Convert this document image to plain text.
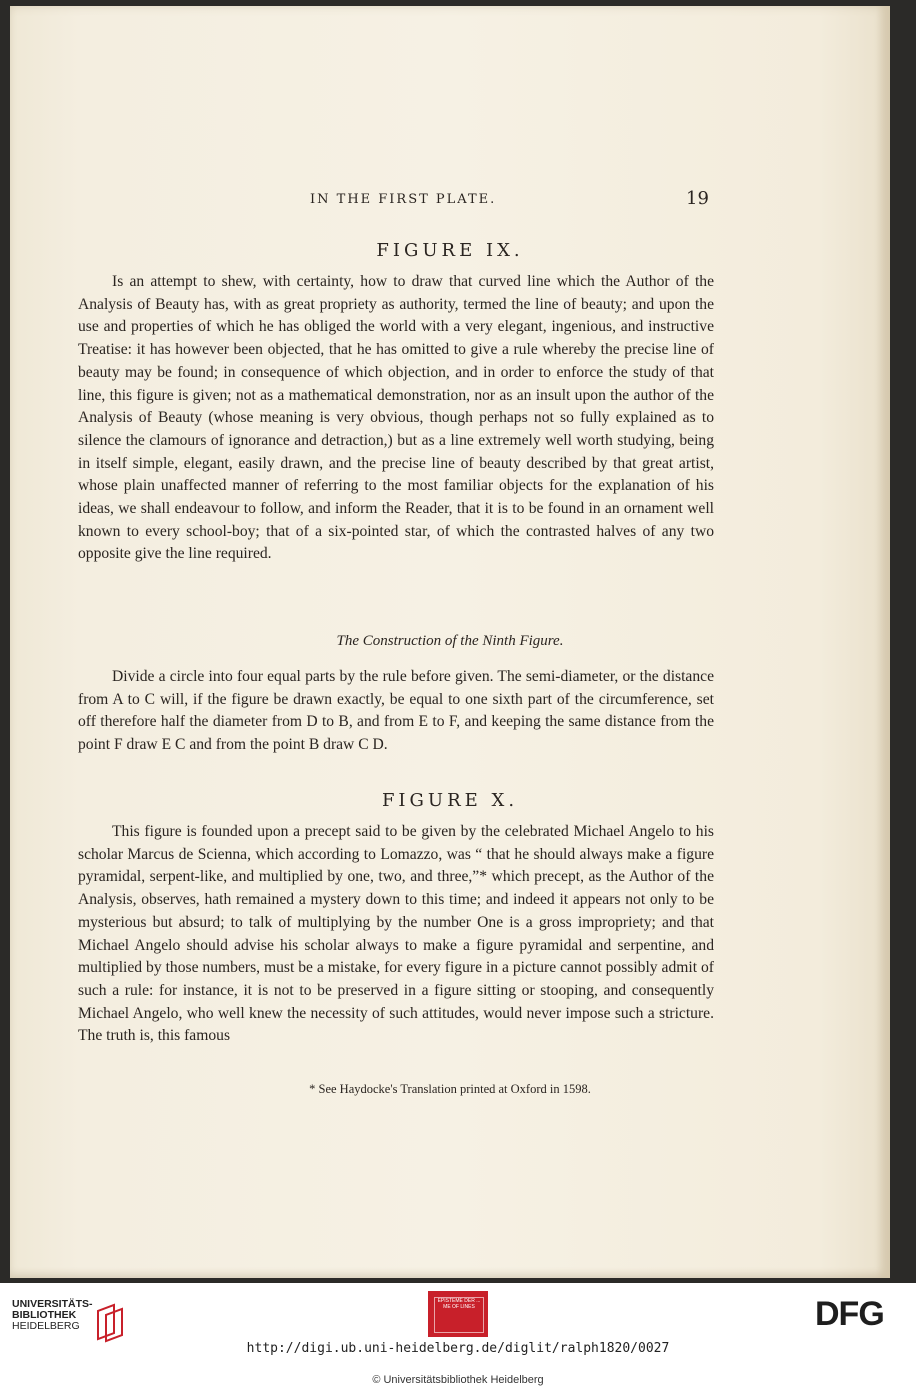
IN THE FIRST PLATE.	19
FIGURE IX.

Is an attempt to shew, with certainty, how to draw that curved line which the Author of the Analysis of Beauty has, with as great propriety as authority, termed the line of beauty; and upon the use and properties of which he has obliged the world with a very elegant, ingenious, and instructive Treatise: it has however been objected, that he has omitted to give a rule whereby the precise line of beauty may be found; in consequence of which objection, and in order to enforce the study of that line, this figure is given; not as a mathematical demonstration, nor as an insult upon the author of the Analysis of Beauty (whose meaning is very obvious, though perhaps not so fully explained as to silence the clamours of ignorance and detraction,) but as a line extremely well worth studying, being in itself simple, elegant, easily drawn, and the precise line of beauty described by that great artist, whose plain unaffected manner of referring to the most familiar objects for the explanation of his ideas, we shall endeavour to follow, and inform the Reader, that it is to be found in an ornament well known to every school-boy; that of a six-pointed star, of which the contrasted halves of any two opposite give the line required.

The Construction of the Ninth Figure.

Divide a circle into four equal parts by the rule before given. The semi-diameter, or the distance from A to C will, if the figure be drawn exactly, be equal to one sixth part of the circumference, set off therefore half the diameter from D to B, and from E to F, and keeping the same distance from the point F draw E C and from the point B draw C D.

FIGURE X.

This figure is founded upon a precept said to be given by the celebrated Michael Angelo to his scholar Marcus de Scienna, which according to Lomazzo, was “ that he should always make a figure pyramidal, serpent-like, and multiplied by one, two, and three,”* which precept, as the Author of the Analysis, observes, hath remained a mystery down to this time; and indeed it appears not only to be mysterious but absurd; to talk of multiplying by the number One is a gross impropriety; and that Michael Angelo should advise his scholar always to make a figure pyramidal and serpentine, and multiplied by those numbers, must be a mistake, for every figure in a picture cannot possibly admit of such a rule: for instance, it is not to be preserved in a figure sitting or stooping, and consequently Michael Angelo, who well knew the necessity of such attitudes, would never impose such a stricture. The truth is, this famous

* See Haydocke's Translation printed at Oxford in 1598.
UNIVERSITÄTS-
BIBLIOTHEK
HEIDELBERG
EPISTEME DER ... ME OF LINES	DFG
http://digi.ub.uni-heidelberg.de/diglit/ralph1820/0027
© Universitätsbibliothek Heidelberg
